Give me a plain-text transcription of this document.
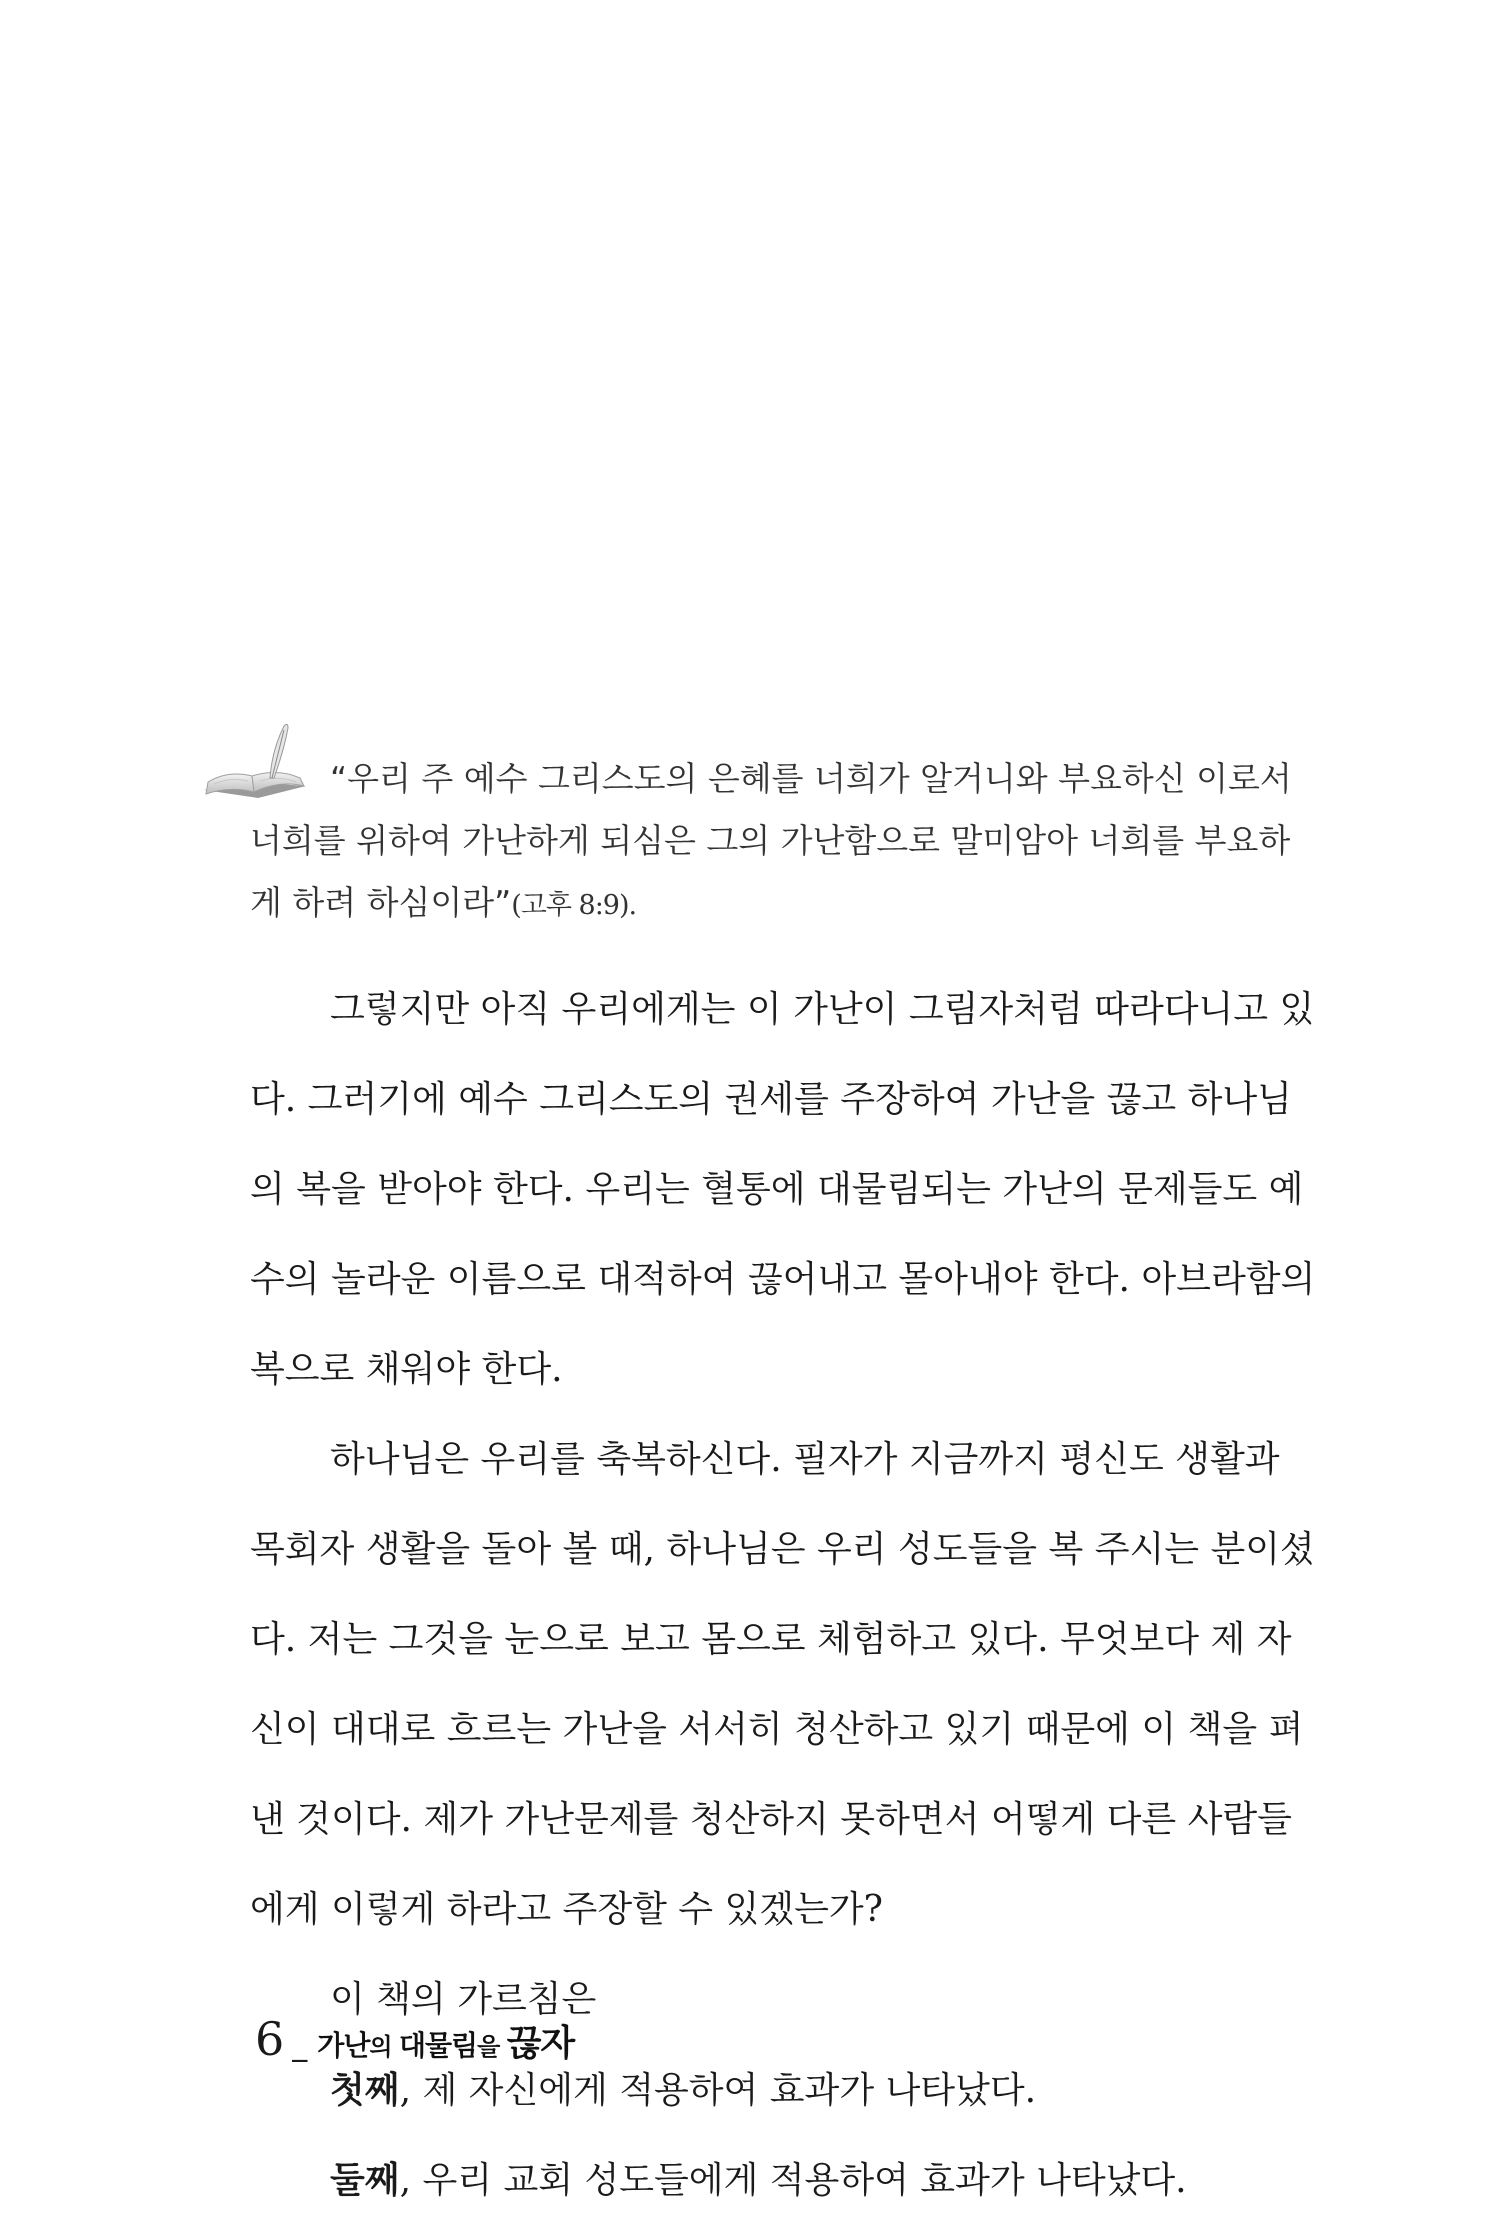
“우리 주 예수 그리스도의 은혜를 너희가 알거니와 부요하신 이로서
너희를 위하여 가난하게 되심은 그의 가난함으로 말미암아 너희를 부요하
게 하려 하심이라”(고후 8:9).
그렇지만 아직 우리에게는 이 가난이 그림자처럼 따라다니고 있
다. 그러기에 예수 그리스도의 권세를 주장하여 가난을 끊고 하나님
의 복을 받아야 한다. 우리는 혈통에 대물림되는 가난의 문제들도 예
수의 놀라운 이름으로 대적하여 끊어내고 몰아내야 한다. 아브라함의
복으로 채워야 한다.
하나님은 우리를 축복하신다. 필자가 지금까지 평신도 생활과
목회자 생활을 돌아 볼 때, 하나님은 우리 성도들을 복 주시는 분이셨
다. 저는 그것을 눈으로 보고 몸으로 체험하고 있다. 무엇보다 제 자
신이 대대로 흐르는 가난을 서서히 청산하고 있기 때문에 이 책을 펴
낸 것이다. 제가 가난문제를 청산하지 못하면서 어떻게 다른 사람들
에게 이렇게 하라고 주장할 수 있겠는가?
이 책의 가르침은
첫째, 제 자신에게 적용하여 효과가 나타났다.
둘째, 우리 교회 성도들에게 적용하여 효과가 나타났다.
6 _ 가난의 대물림을 끊자
